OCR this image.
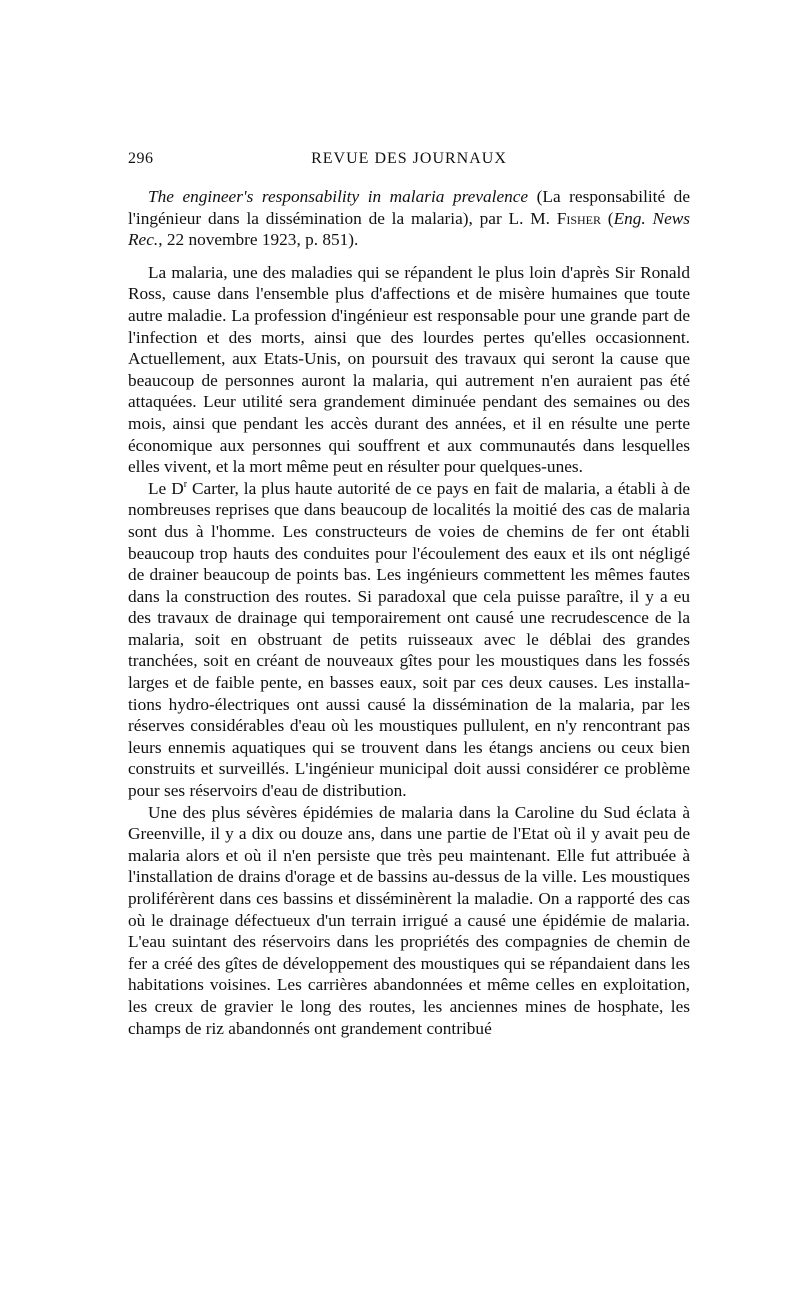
296	REVUE DES JOURNAUX

The engineer's responsability in malaria prevalence (La responsabilité de l'ingénieur dans la dissémination de la malaria), par L. M. Fisher (Eng. News Rec., 22 novembre 1923, p. 851).

La malaria, une des maladies qui se répandent le plus loin d'après Sir Ronald Ross, cause dans l'ensemble plus d'affections et de misère humaines que toute autre maladie. La profession d'ingénieur est responsable pour une grande part de l'infection et des morts, ainsi que des lourdes pertes qu'elles occasionnent. Actuellement, aux Etats-Unis, on poursuit des travaux qui seront la cause que beaucoup de personnes auront la malaria, qui autrement n'en auraient pas été attaquées. Leur utilité sera grandement diminuée pendant des semaines ou des mois, ainsi que pendant les accès durant des années, et il en résulte une perte économique aux personnes qui souffrent et aux communautés dans lesquelles elles vivent, et la mort même peut en résulter pour quelques-unes.

Le $D^r$ Carter, la plus haute autorité de ce pays en fait de malaria, a établi à de nombreuses reprises que dans beaucoup de localités la moitié des cas de malaria sont dus à l'homme. Les constructeurs de voies de chemins de fer ont établi beaucoup trop hauts des conduites pour l'écoulement des eaux et ils ont négligé de drainer beaucoup de points bas. Les ingénieurs commettent les mêmes fautes dans la construction des routes. Si paradoxal que cela puisse paraître, il y a eu des travaux de drainage qui temporairement ont causé une recrudescence de la malaria, soit en obstruant de petits ruisseaux avec le déblai des grandes tranchées, soit en créant de nouveaux gîtes pour les moustiques dans les fossés larges et de faible pente, en basses eaux, soit par ces deux causes. Les installations hydro-électriques ont aussi causé la dissémination de la malaria, par les réserves considérables d'eau où les moustiques pullulent, en n'y rencontrant pas leurs ennemis aquatiques qui se trouvent dans les étangs anciens ou ceux bien construits et surveillés. L'ingénieur municipal doit aussi considérer ce problème pour ses réservoirs d'eau de distribution.

Une des plus sévères épidémies de malaria dans la Caroline du Sud éclata à Greenville, il y a dix ou douze ans, dans une partie de l'Etat où il y avait peu de malaria alors et où il n'en persiste que très peu maintenant. Elle fut attribuée à l'installation de drains d'orage et de bassins au-dessus de la ville. Les moustiques proliférèrent dans ces bassins et disséminèrent la maladie. On a rapporté des cas où le drainage défectueux d'un terrain irrigué a causé une épidémie de malaria. L'eau suintant des réservoirs dans les propriétés des compagnies de chemin de fer a créé des gîtes de développement des moustiques qui se répandaient dans les habitations voisines. Les carrières abandonnées et même celles en exploitation, les creux de gravier le long des routes, les anciennes mines de hosphate, les champs de riz abandonnés ont grandement contribué
